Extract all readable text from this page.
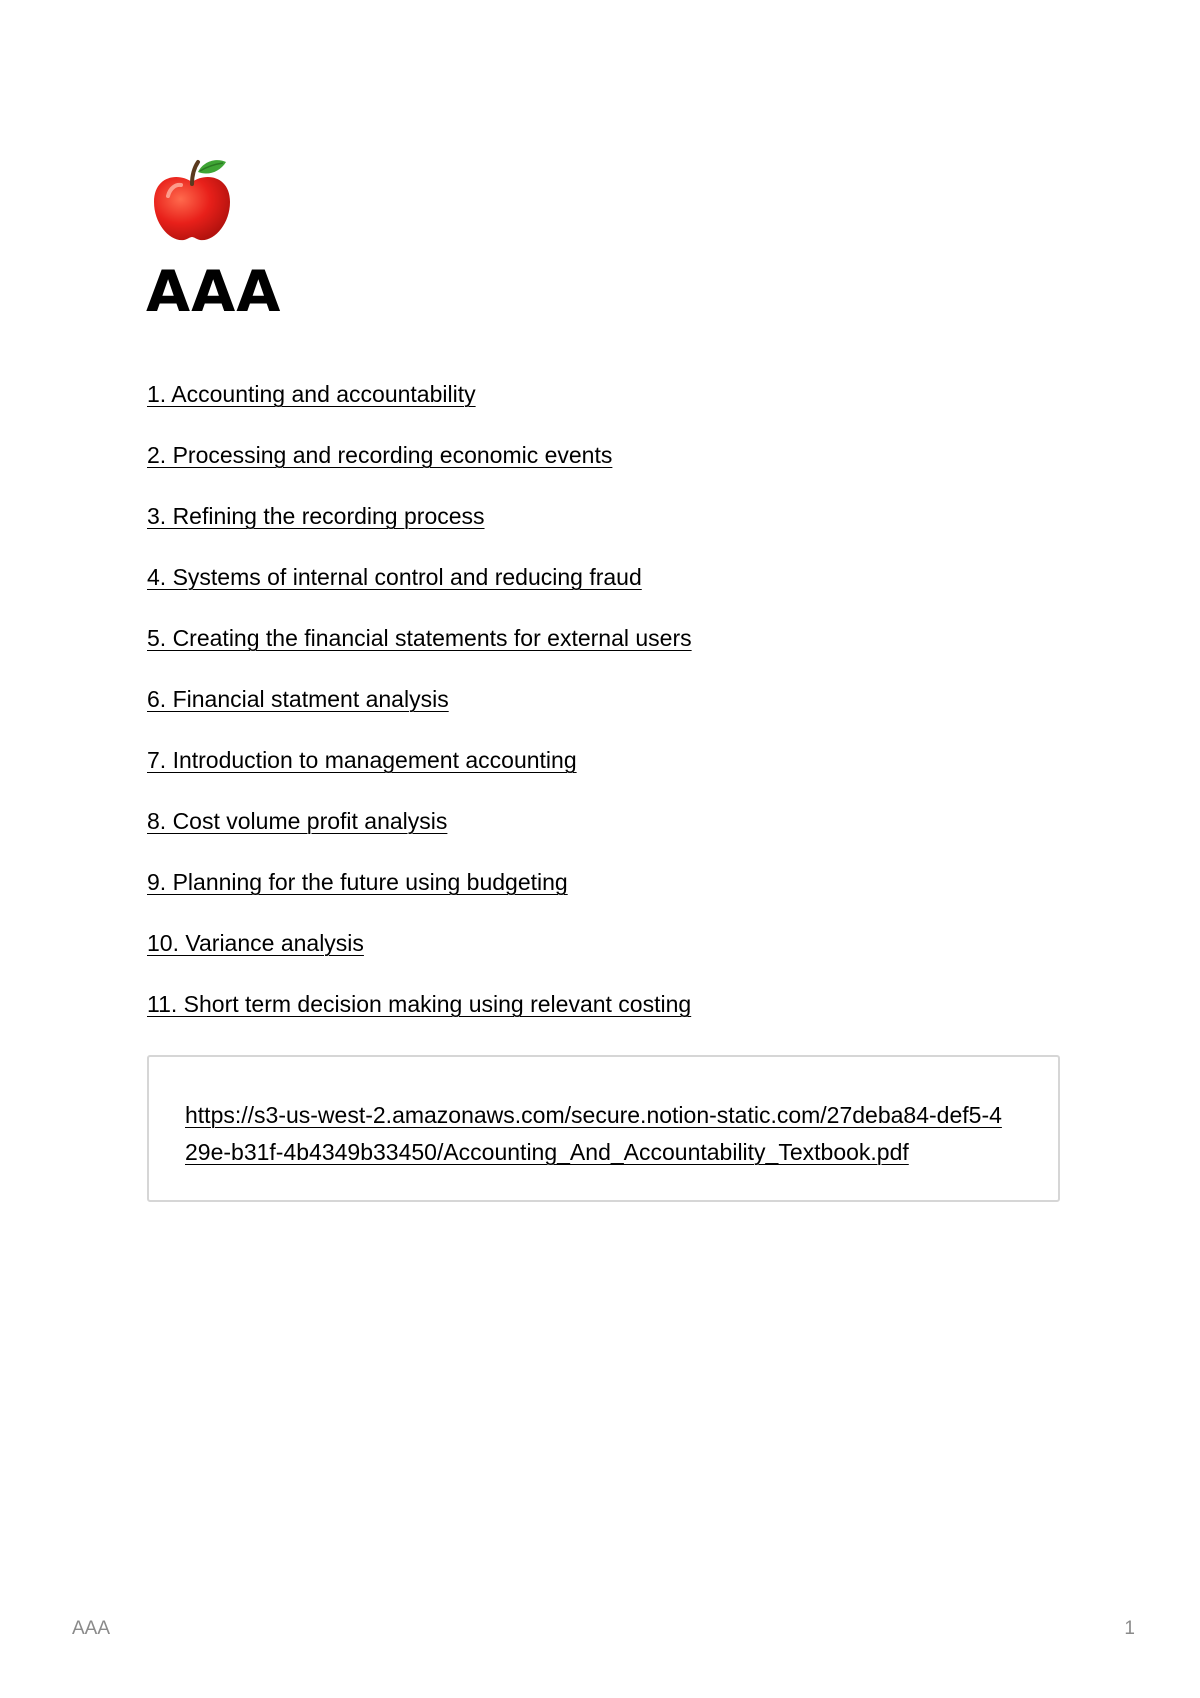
AAA
1. Accounting and accountability
2. Processing and recording economic events
3. Refining the recording process
4. Systems of internal control and reducing fraud
5. Creating the financial statements for external users
6. Financial statment analysis
7. Introduction to management accounting
8. Cost volume profit analysis
9. Planning for the future using budgeting
10. Variance analysis
11. Short term decision making using relevant costing
https://s3-us-west-2.amazonaws.com/secure.notion-static.com/27deba84-def5-429e-b31f-4b4349b33450/Accounting_And_Accountability_Textbook.pdf
AAA	1
